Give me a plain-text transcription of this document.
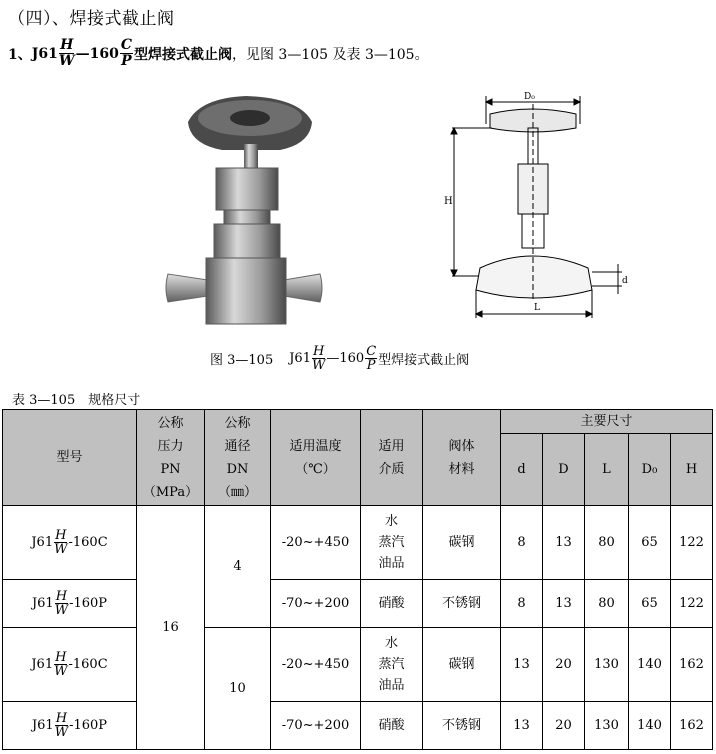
（四）、焊接式截止阀
1、 $J61 \frac{H}{W}$ —160 $\frac{C}{P}$ 型焊接式截止阀 ，见图 3—105 及表 3—105。
D₀
H
d
L
图 3—105 $J61 \frac{H}{W}$ —160 $\frac{C}{P}$ 型焊接式截止阀
表 3—105　规格尺寸
型号	公称
压力
PN
（MPa）	公称
通径
DN
（㎜）	适用温度
（℃）	适用
介质	阀体
材料	主要尺寸				
						d	D	L	D₀	H

$J61 \frac{H}{W} -160C$	16	4	-20~+450	水
蒸汽
油品	碳钢	8	13	80	65	122

$J61 \frac{H}{W} -160P$			-70~+200	硝酸	不锈钢	8	13	80	65	122

$J61 \frac{H}{W} -160C$		10	-20~+450	水
蒸汽
油品	碳钢	13	20	130	140	162

$J61 \frac{H}{W} -160P$			-70~+200	硝酸	不锈钢	13	20	130	140	162
